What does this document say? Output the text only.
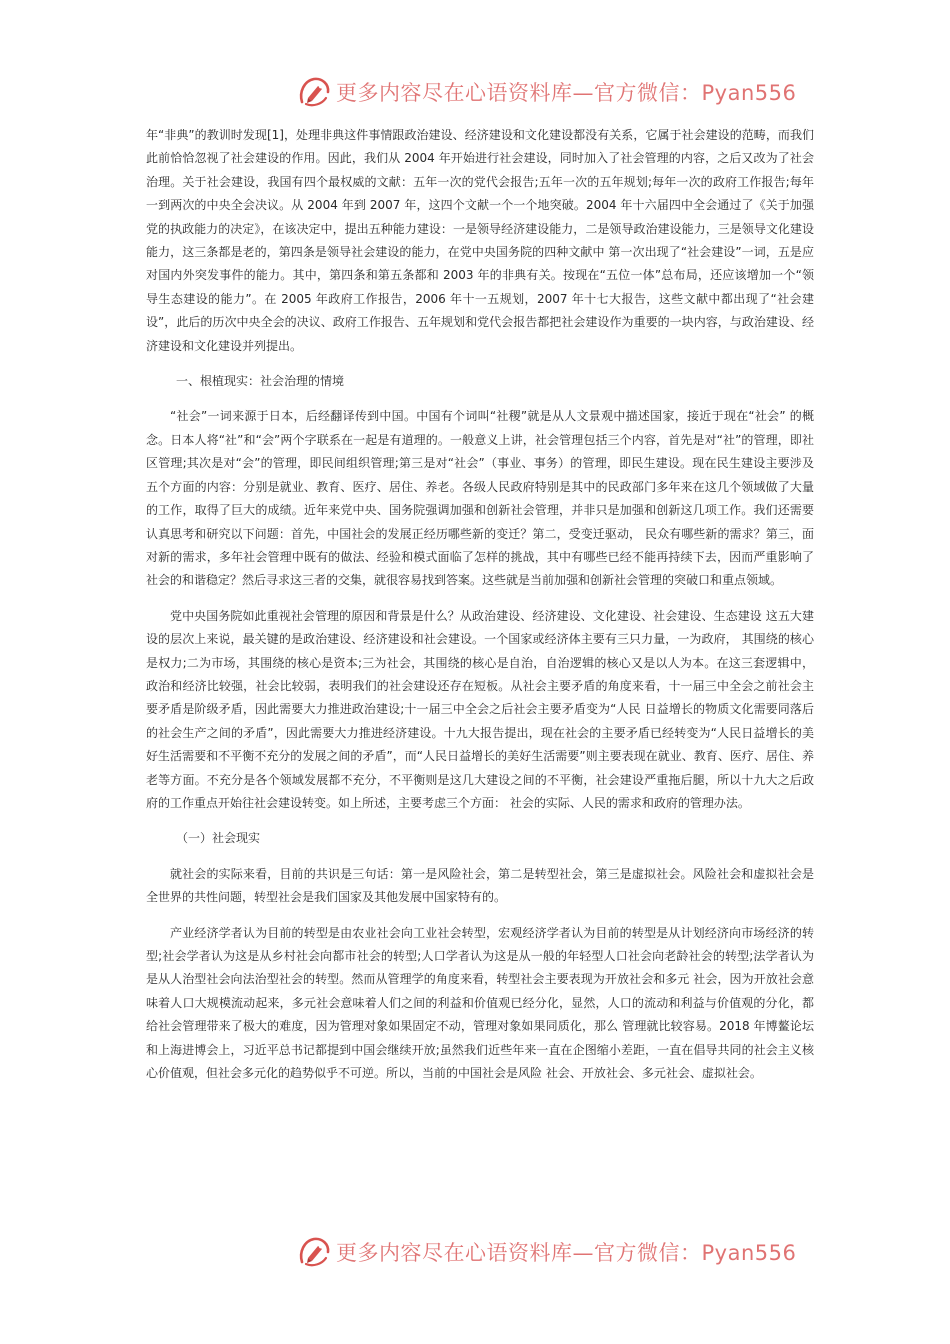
更多内容尽在心语资料库—官方微信：Pyan556

年“非典”的教训时发现[1]，处理非典这件事情跟政治建设、经济建设和文化建设都没有关系，它属于社会建设的范畴，而我们此前恰恰忽视了社会建设的作用。因此，我们从 2004 年开始进行社会建设，同时加入了社会管理的内容，之后又改为了社会治理。关于社会建设，我国有四个最权威的文献：五年一次的党代会报告;五年一次的五年规划;每年一次的政府工作报告;每年一到两次的中央全会决议。从 2004 年到 2007 年，这四个文献一个一个地突破。2004 年十六届四中全会通过了《关于加强党的执政能力的决定》，在该决定中，提出五种能力建设：一是领导经济建设能力，二是领导政治建设能力，三是领导文化建设能力，这三条都是老的，第四条是领导社会建设的能力，在党中央国务院的四种文献中 第一次出现了“社会建设”一词，五是应对国内外突发事件的能力。其中，第四条和第五条都和 2003 年的非典有关。按现在“五位一体”总布局，还应该增加一个“领导生态建设的能力”。在 2005 年政府工作报告，2006 年十一五规划，2007 年十七大报告，这些文献中都出现了“社会建设”，此后的历次中央全会的决议、政府工作报告、五年规划和党代会报告都把社会建设作为重要的一块内容，与政治建设、经济建设和文化建设并列提出。

一、根植现实：社会治理的情境

“社会”一词来源于日本，后经翻译传到中国。中国有个词叫“社稷”就是从人文景观中描述国家，接近于现在“社会” 的概念。日本人将“社”和“会”两个字联系在一起是有道理的。一般意义上讲，社会管理包括三个内容，首先是对“社”的管理，即社区管理;其次是对“会”的管理，即民间组织管理;第三是对“社会”（事业、事务）的管理，即民生建设。现在民生建设主要涉及五个方面的内容：分别是就业、教育、医疗、居住、养老。各级人民政府特别是其中的民政部门多年来在这几个领域做了大量的工作，取得了巨大的成绩。近年来党中央、国务院强调加强和创新社会管理，并非只是加强和创新这几项工作。我们还需要认真思考和研究以下问题：首先，中国社会的发展正经历哪些新的变迁？第二，受变迁驱动， 民众有哪些新的需求？第三，面对新的需求，多年社会管理中既有的做法、经验和模式面临了怎样的挑战，其中有哪些已经不能再持续下去，因而严重影响了社会的和谐稳定？然后寻求这三者的交集，就很容易找到答案。这些就是当前加强和创新社会管理的突破口和重点领域。

党中央国务院如此重视社会管理的原因和背景是什么？从政治建设、经济建设、文化建设、社会建设、生态建设 这五大建设的层次上来说，最关键的是政治建设、经济建设和社会建设。一个国家或经济体主要有三只力量，一为政府， 其围绕的核心是权力;二为市场，其围绕的核心是资本;三为社会，其围绕的核心是自治，自治逻辑的核心又是以人为本。在这三套逻辑中，政治和经济比较强，社会比较弱，表明我们的社会建设还存在短板。从社会主要矛盾的角度来看，十一届三中全会之前社会主要矛盾是阶级矛盾，因此需要大力推进政治建设;十一届三中全会之后社会主要矛盾变为“人民 日益增长的物质文化需要同落后的社会生产之间的矛盾”，因此需要大力推进经济建设。十九大报告提出，现在社会的主要矛盾已经转变为“人民日益增长的美好生活需要和不平衡不充分的发展之间的矛盾”，而“人民日益增长的美好生活需要”则主要表现在就业、教育、医疗、居住、养老等方面。不充分是各个领域发展都不充分，不平衡则是这几大建设之间的不平衡，社会建设严重拖后腿，所以十九大之后政府的工作重点开始往社会建设转变。如上所述，主要考虑三个方面： 社会的实际、人民的需求和政府的管理办法。

（一）社会现实

就社会的实际来看，目前的共识是三句话：第一是风险社会，第二是转型社会，第三是虚拟社会。风险社会和虚拟社会是全世界的共性问题，转型社会是我们国家及其他发展中国家特有的。

产业经济学者认为目前的转型是由农业社会向工业社会转型，宏观经济学者认为目前的转型是从计划经济向市场经济的转型;社会学者认为这是从乡村社会向都市社会的转型;人口学者认为这是从一般的年轻型人口社会向老龄社会的转型;法学者认为是从人治型社会向法治型社会的转型。然而从管理学的角度来看，转型社会主要表现为开放社会和多元 社会，因为开放社会意味着人口大规模流动起来，多元社会意味着人们之间的利益和价值观已经分化，显然，人口的流动和利益与价值观的分化，都给社会管理带来了极大的难度，因为管理对象如果固定不动，管理对象如果同质化，那么 管理就比较容易。2018 年博鳌论坛和上海进博会上，习近平总书记都提到中国会继续开放;虽然我们近些年来一直在企图缩小差距，一直在倡导共同的社会主义核心价值观，但社会多元化的趋势似乎不可逆。所以，当前的中国社会是风险 社会、开放社会、多元社会、虚拟社会。

更多内容尽在心语资料库—官方微信：Pyan556
